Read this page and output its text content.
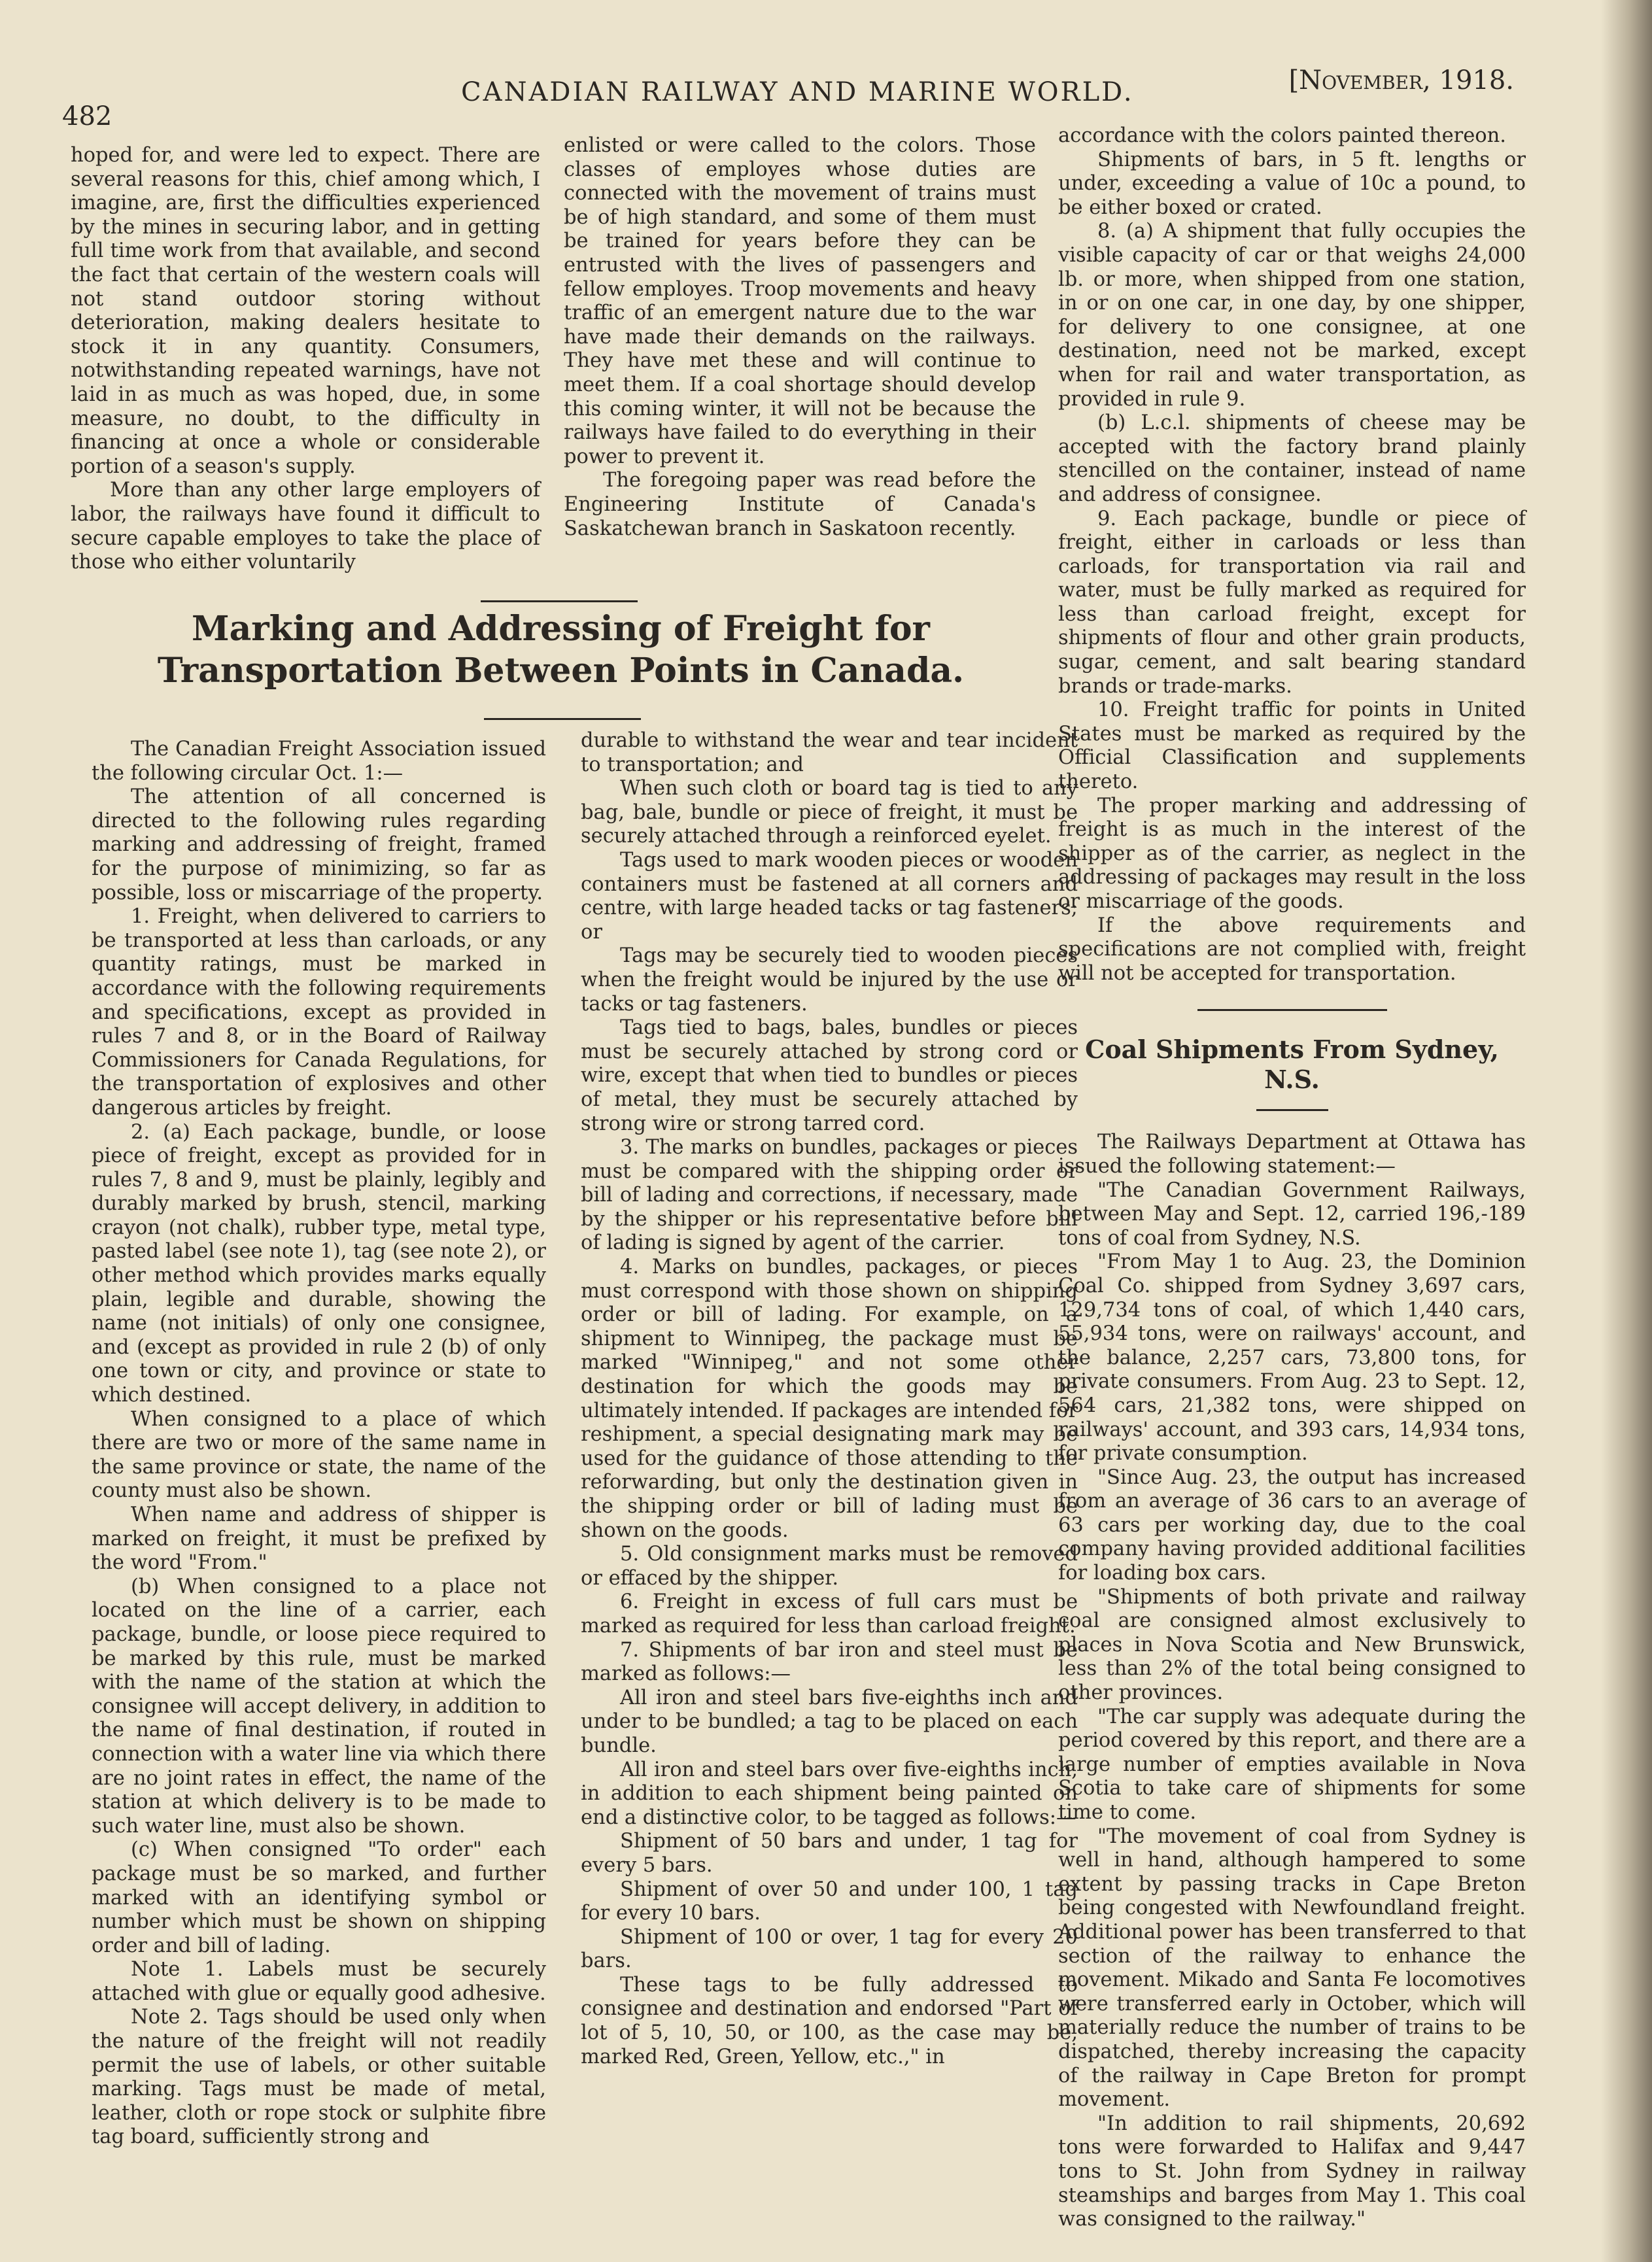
482
CANADIAN RAILWAY AND MARINE WORLD.	[November, 1918.

hoped for, and were led to expect. There are several reasons for this, chief among which, I imagine, are, first the difficulties experienced by the mines in securing labor, and in getting full time work from that available, and second the fact that certain of the western coals will not stand outdoor storing without deterioration, making dealers hesitate to stock it in any quantity. Consumers, notwithstanding repeated warnings, have not laid in as much as was hoped, due, in some measure, no doubt, to the difficulty in financing at once a whole or considerable portion of a season's supply.

More than any other large employers of labor, the railways have found it difficult to secure capable employes to take the place of those who either voluntarily

enlisted or were called to the colors. Those classes of employes whose duties are connected with the movement of trains must be of high standard, and some of them must be trained for years before they can be entrusted with the lives of passengers and fellow employes. Troop movements and heavy traffic of an emergent nature due to the war have made their demands on the railways. They have met these and will continue to meet them. If a coal shortage should develop this coming winter, it will not be because the railways have failed to do everything in their power to prevent it.

The foregoing paper was read before the Engineering Institute of Canada's Saskatchewan branch in Saskatoon recently.

Marking and Addressing of Freight for Transportation Between Points in Canada.

The Canadian Freight Association issued the following circular Oct. 1:—

The attention of all concerned is directed to the following rules regarding marking and addressing of freight, framed for the purpose of minimizing, so far as possible, loss or miscarriage of the property.

1. Freight, when delivered to carriers to be transported at less than carloads, or any quantity ratings, must be marked in accordance with the following requirements and specifications, except as provided in rules 7 and 8, or in the Board of Railway Commissioners for Canada Regulations, for the transportation of explosives and other dangerous articles by freight.

2. (a) Each package, bundle, or loose piece of freight, except as provided for in rules 7, 8 and 9, must be plainly, legibly and durably marked by brush, stencil, marking crayon (not chalk), rubber type, metal type, pasted label (see note 1), tag (see note 2), or other method which provides marks equally plain, legible and durable, showing the name (not initials) of only one consignee, and (except as provided in rule 2 (b) of only one town or city, and province or state to which destined.

When consigned to a place of which there are two or more of the same name in the same province or state, the name of the county must also be shown.

When name and address of shipper is marked on freight, it must be prefixed by the word "From."

(b) When consigned to a place not located on the line of a carrier, each package, bundle, or loose piece required to be marked by this rule, must be marked with the name of the station at which the consignee will accept delivery, in addition to the name of final destination, if routed in connection with a water line via which there are no joint rates in effect, the name of the station at which delivery is to be made to such water line, must also be shown.

(c) When consigned "To order" each package must be so marked, and further marked with an identifying symbol or number which must be shown on shipping order and bill of lading.

Note 1. Labels must be securely attached with glue or equally good adhesive.

Note 2. Tags should be used only when the nature of the freight will not readily permit the use of labels, or other suitable marking. Tags must be made of metal, leather, cloth or rope stock or sulphite fibre tag board, sufficiently strong and

durable to withstand the wear and tear incident to transportation; and

When such cloth or board tag is tied to any bag, bale, bundle or piece of freight, it must be securely attached through a reinforced eyelet.

Tags used to mark wooden pieces or wooden containers must be fastened at all corners and centre, with large headed tacks or tag fasteners; or

Tags may be securely tied to wooden pieces when the freight would be injured by the use or tacks or tag fasteners.

Tags tied to bags, bales, bundles or pieces must be securely attached by strong cord or wire, except that when tied to bundles or pieces of metal, they must be securely attached by strong wire or strong tarred cord.

3. The marks on bundles, packages or pieces must be compared with the shipping order or bill of lading and corrections, if necessary, made by the shipper or his representative before bill of lading is signed by agent of the carrier.

4. Marks on bundles, packages, or pieces must correspond with those shown on shipping order or bill of lading. For example, on a shipment to Winnipeg, the package must be marked "Winnipeg," and not some other destination for which the goods may be ultimately intended. If packages are intended for reshipment, a special designating mark may be used for the guidance of those attending to the reforwarding, but only the destination given in the shipping order or bill of lading must be shown on the goods.

5. Old consignment marks must be removed or effaced by the shipper.

6. Freight in excess of full cars must be marked as required for less than carload freight.

7. Shipments of bar iron and steel must be marked as follows:—

All iron and steel bars five-eighths inch and under to be bundled; a tag to be placed on each bundle.

All iron and steel bars over five-eighths inch, in addition to each shipment being painted on end a distinctive color, to be tagged as follows:—

Shipment of 50 bars and under, 1 tag for every 5 bars.

Shipment of over 50 and under 100, 1 tag for every 10 bars.

Shipment of 100 or over, 1 tag for every 20 bars.

These tags to be fully addressed to consignee and destination and endorsed "Part of lot of 5, 10, 50, or 100, as the case may be, marked Red, Green, Yellow, etc.," in

accordance with the colors painted thereon.

Shipments of bars, in 5 ft. lengths or under, exceeding a value of 10c a pound, to be either boxed or crated.

8. (a) A shipment that fully occupies the visible capacity of car or that weighs 24,000 lb. or more, when shipped from one station, in or on one car, in one day, by one shipper, for delivery to one consignee, at one destination, need not be marked, except when for rail and water transportation, as provided in rule 9.

(b) L.c.l. shipments of cheese may be accepted with the factory brand plainly stencilled on the container, instead of name and address of consignee.

9. Each package, bundle or piece of freight, either in carloads or less than carloads, for transportation via rail and water, must be fully marked as required for less than carload freight, except for shipments of flour and other grain products, sugar, cement, and salt bearing standard brands or trade-marks.

10. Freight traffic for points in United States must be marked as required by the Official Classification and supplements thereto.

The proper marking and addressing of freight is as much in the interest of the shipper as of the carrier, as neglect in the addressing of packages may result in the loss or miscarriage of the goods.

If the above requirements and specifications are not complied with, freight will not be accepted for transportation.

Coal Shipments From Sydney, N.S.

The Railways Department at Ottawa has issued the following statement:—

"The Canadian Government Railways, between May and Sept. 12, carried 196,-189 tons of coal from Sydney, N.S.

"From May 1 to Aug. 23, the Dominion Coal Co. shipped from Sydney 3,697 cars, 129,734 tons of coal, of which 1,440 cars, 55,934 tons, were on railways' account, and the balance, 2,257 cars, 73,800 tons, for private consumers. From Aug. 23 to Sept. 12, 564 cars, 21,382 tons, were shipped on railways' account, and 393 cars, 14,934 tons, for private consumption.

"Since Aug. 23, the output has increased from an average of 36 cars to an average of 63 cars per working day, due to the coal company having provided additional facilities for loading box cars.

"Shipments of both private and railway coal are consigned almost exclusively to places in Nova Scotia and New Brunswick, less than 2% of the total being consigned to other provinces.

"The car supply was adequate during the period covered by this report, and there are a large number of empties available in Nova Scotia to take care of shipments for some time to come.

"The movement of coal from Sydney is well in hand, although hampered to some extent by passing tracks in Cape Breton being congested with Newfoundland freight. Additional power has been transferred to that section of the railway to enhance the movement. Mikado and Santa Fe locomotives were transferred early in October, which will materially reduce the number of trains to be dispatched, thereby increasing the capacity of the railway in Cape Breton for prompt movement.

"In addition to rail shipments, 20,692 tons were forwarded to Halifax and 9,447 tons to St. John from Sydney in railway steamships and barges from May 1. This coal was consigned to the railway."
